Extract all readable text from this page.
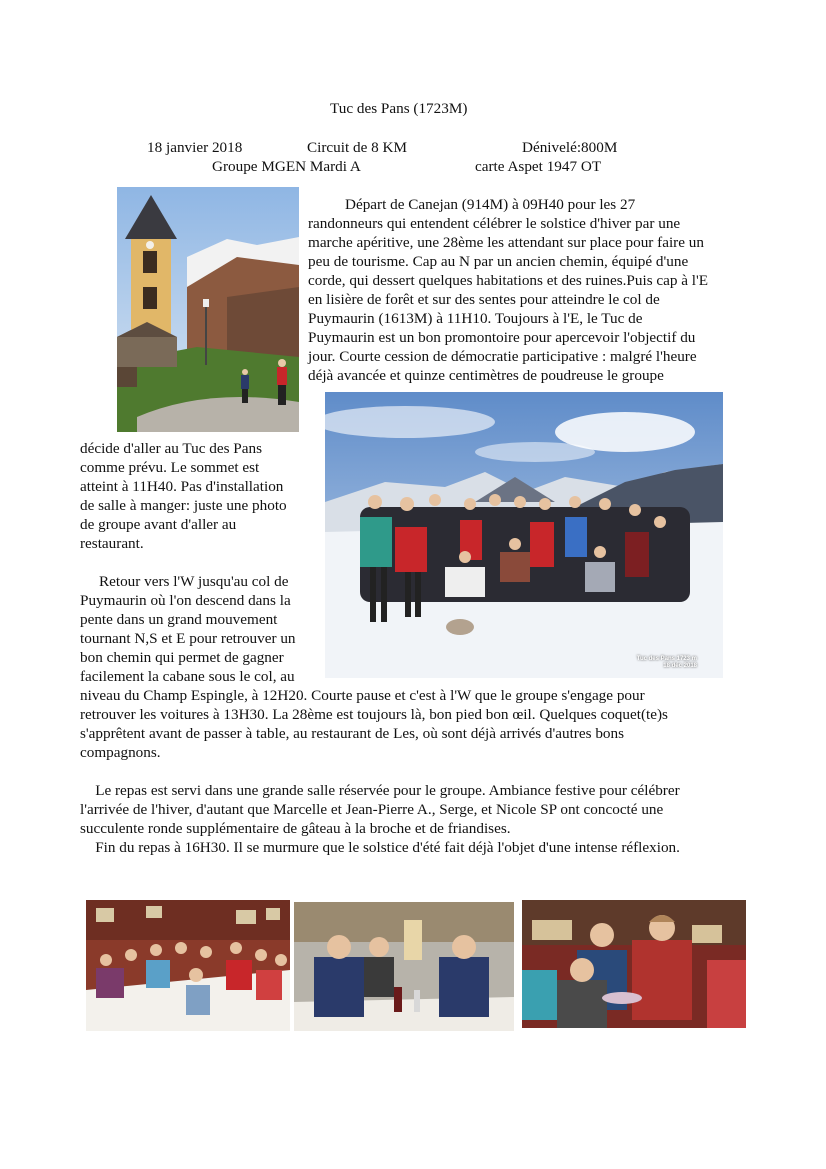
Tuc des Pans (1723M)
18 janvier 2018	Circuit de 8 KM	Dénivelé:800M
Groupe MGEN Mardi A	carte Aspet 1947 OT
Départ de Canejan (914M) à 09H40 pour les 27
randonneurs qui entendent célébrer le solstice d'hiver par une
marche apéritive, une 28ème les attendant sur place pour faire un
peu de tourisme. Cap au N par un ancien chemin, équipé d'une
corde, qui dessert quelques habitations et des ruines.Puis cap à l'E
en lisière de forêt et sur des sentes pour atteindre le col de
Puymaurin (1613M) à 11H10. Toujours à l'E, le Tuc de
Puymaurin est un bon promontoire pour apercevoir l'objectif du
jour. Courte cession de démocratie participative : malgré l'heure
déjà avancée et quinze centimètres de poudreuse le groupe
Tuc des Pans 1723 m
18 déc 2018
décide d'aller au Tuc des Pans
comme prévu. Le sommet est
atteint à 11H40. Pas d'installation
de salle à manger: juste une photo
de groupe avant d'aller au
restaurant.
Retour vers l'W jusqu'au col de
Puymaurin où l'on descend dans la
pente dans un grand mouvement
tournant N,S et E pour retrouver un
bon chemin qui permet de gagner
facilement la cabane sous le col, au
niveau du Champ Espingle, à 12H20. Courte pause et c'est à l'W que le groupe s'engage pour
retrouver les voitures à 13H30. La 28ème est toujours là, bon pied bon œil. Quelques coquet(te)s
s'apprêtent avant de passer à table, au restaurant de Les, où sont déjà arrivés d'autres bons
compagnons.
Le repas est servi dans une grande salle réservée pour le groupe. Ambiance festive pour célébrer
l'arrivée de l'hiver, d'autant que Marcelle et Jean-Pierre A., Serge, et Nicole SP ont concocté une
succulente ronde supplémentaire de gâteau à la broche et de friandises.
Fin du repas à 16H30. Il se murmure que le solstice d'été fait déjà l'objet d'une intense réflexion.
